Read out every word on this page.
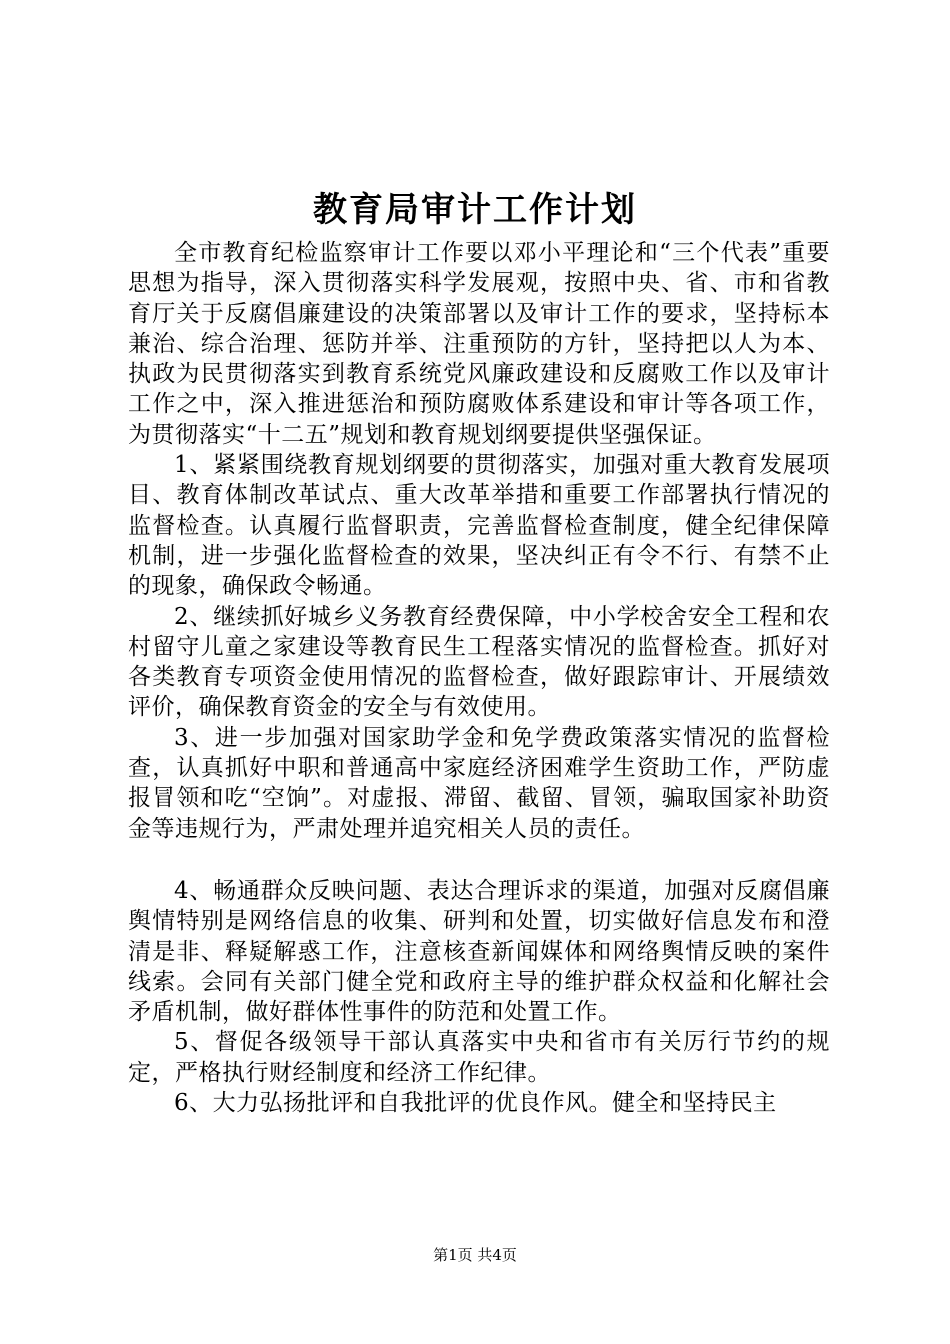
教育局审计工作计划

全市教育纪检监察审计工作要以邓小平理论和“三个代表”重要思想为指导，深入贯彻落实科学发展观，按照中央、省、市和省教育厅关于反腐倡廉建设的决策部署以及审计工作的要求，坚持标本兼治、综合治理、惩防并举、注重预防的方针，坚持把以人为本、执政为民贯彻落实到教育系统党风廉政建设和反腐败工作以及审计工作之中，深入推进惩治和预防腐败体系建设和审计等各项工作，为贯彻落实“十二五”规划和教育规划纲要提供坚强保证。

1、紧紧围绕教育规划纲要的贯彻落实，加强对重大教育发展项目、教育体制改革试点、重大改革举措和重要工作部署执行情况的监督检查。认真履行监督职责，完善监督检查制度，健全纪律保障机制，进一步强化监督检查的效果，坚决纠正有令不行、有禁不止的现象，确保政令畅通。

2、继续抓好城乡义务教育经费保障，中小学校舍安全工程和农村留守儿童之家建设等教育民生工程落实情况的监督检查。抓好对各类教育专项资金使用情况的监督检查，做好跟踪审计、开展绩效评价，确保教育资金的安全与有效使用。

3、进一步加强对国家助学金和免学费政策落实情况的监督检查，认真抓好中职和普通高中家庭经济困难学生资助工作，严防虚报冒领和吃“空饷”。对虚报、滞留、截留、冒领，骗取国家补助资金等违规行为，严肃处理并追究相关人员的责任。

4、畅通群众反映问题、表达合理诉求的渠道，加强对反腐倡廉舆情特别是网络信息的收集、研判和处置，切实做好信息发布和澄清是非、释疑解惑工作，注意核查新闻媒体和网络舆情反映的案件线索。会同有关部门健全党和政府主导的维护群众权益和化解社会矛盾机制，做好群体性事件的防范和处置工作。

5、督促各级领导干部认真落实中央和省市有关厉行节约的规定，严格执行财经制度和经济工作纪律。

6、大力弘扬批评和自我批评的优良作风。健全和坚持民主

第1页 共4页
